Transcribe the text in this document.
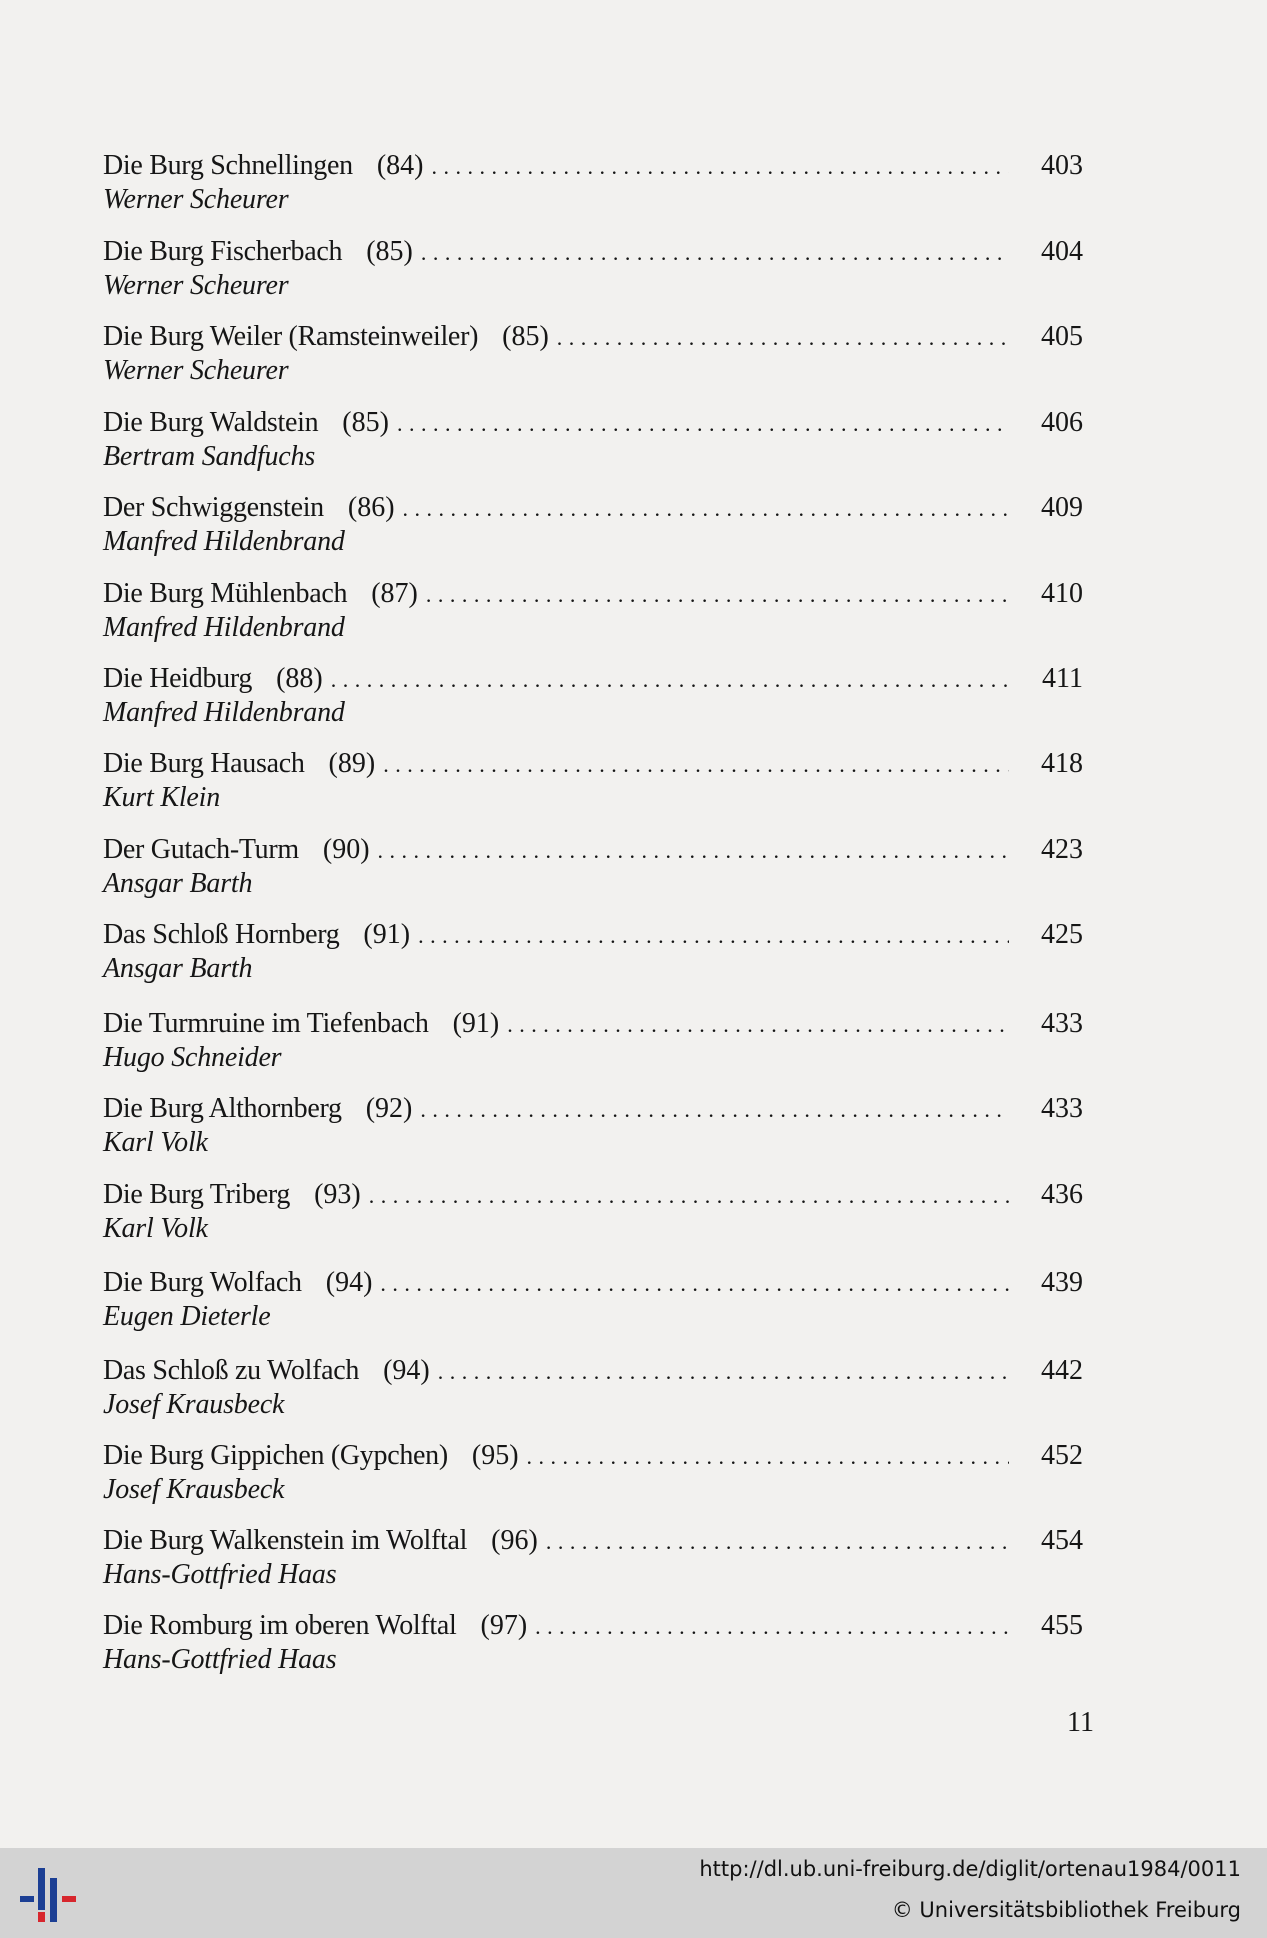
Die Burg Schnellingen (84) . . .	403
Werner Scheurer
Die Burg Fischerbach (85) . . .	404
Werner Scheurer
Die Burg Weiler (Ramsteinweiler) (85) . . .	405
Werner Scheurer
Die Burg Waldstein (85) . . .	406
Bertram Sandfuchs
Der Schwiggenstein (86) . . .	409
Manfred Hildenbrand
Die Burg Mühlenbach (87) . . .	410
Manfred Hildenbrand
Die Heidburg (88) . . .	411
Manfred Hildenbrand
Die Burg Hausach (89) . . .	418
Kurt Klein
Der Gutach-Turm (90) . . .	423
Ansgar Barth
Das Schloß Hornberg (91) . . .	425
Ansgar Barth
Die Turmruine im Tiefenbach (91) . . .	433
Hugo Schneider
Die Burg Althornberg (92) . . .	433
Karl Volk
Die Burg Triberg (93) . . .	436
Karl Volk
Die Burg Wolfach (94) . . .	439
Eugen Dieterle
Das Schloß zu Wolfach (94) . . .	442
Josef Krausbeck
Die Burg Gippichen (Gypchen) (95) . . .	452
Josef Krausbeck
Die Burg Walkenstein im Wolftal (96) . . .	454
Hans-Gottfried Haas
Die Romburg im oberen Wolftal (97) . . .	455
Hans-Gottfried Haas
11
http://dl.ub.uni-freiburg.de/diglit/ortenau1984/0011
© Universitätsbibliothek Freiburg
